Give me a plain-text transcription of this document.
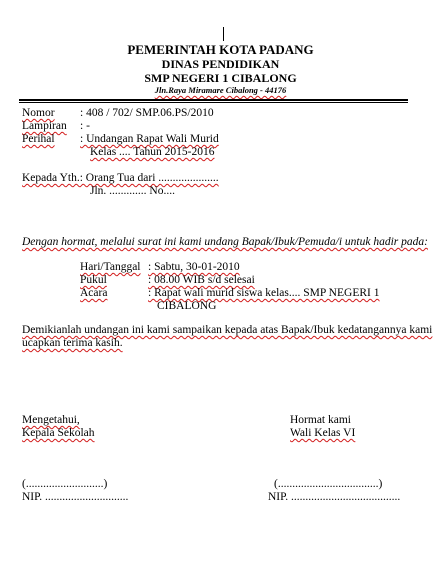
PEMERINTAH KOTA PADANG
DINAS PENDIDIKAN
SMP NEGERI 1 CIBALONG
Jln.Raya Miramare Cibalong - 44176
Nomor : 408 / 702/ SMP.06.PS/2010
Lampiran : -
Perihal : Undangan Rapat Wali Murid
Kelas .... Tahun 2015-2016
Kepada Yth.: Orang Tua dari .....................
Jln. ............. No....
Dengan hormat, melalui surat ini kami undang Bapak/Ibuk/Pemuda/i untuk hadir pada:
Hari/Tanggal : Sabtu, 30-01-2010
Pukul	: 08.00 WIB s/d selesai
Acara	: Rapat wali murid siswa kelas.... SMP NEGERI 1
CIBALONG
Demikianlah undangan ini kami sampaikan kepada atas Bapak/Ibuk kedatangannya kami
ucapkan terima kasih.
Mengetahui,
Kepala Sekolah
Hormat kami
Wali Kelas VI
(...........................)
NIP. .............................
(...................................)
NIP. ......................................
